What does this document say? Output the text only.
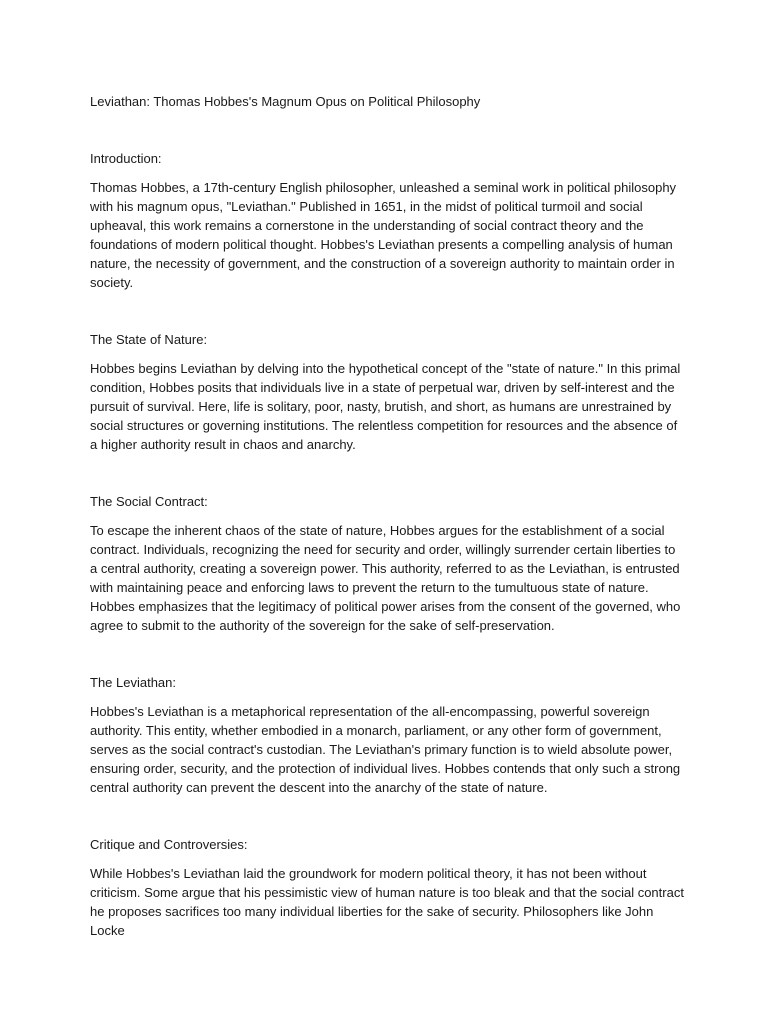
Leviathan: Thomas Hobbes's Magnum Opus on Political Philosophy

Introduction:

Thomas Hobbes, a 17th-century English philosopher, unleashed a seminal work in political philosophy with his magnum opus, "Leviathan." Published in 1651, in the midst of political turmoil and social upheaval, this work remains a cornerstone in the understanding of social contract theory and the foundations of modern political thought. Hobbes's Leviathan presents a compelling analysis of human nature, the necessity of government, and the construction of a sovereign authority to maintain order in society.

The State of Nature:

Hobbes begins Leviathan by delving into the hypothetical concept of the "state of nature." In this primal condition, Hobbes posits that individuals live in a state of perpetual war, driven by self-interest and the pursuit of survival. Here, life is solitary, poor, nasty, brutish, and short, as humans are unrestrained by social structures or governing institutions. The relentless competition for resources and the absence of a higher authority result in chaos and anarchy.

The Social Contract:

To escape the inherent chaos of the state of nature, Hobbes argues for the establishment of a social contract. Individuals, recognizing the need for security and order, willingly surrender certain liberties to a central authority, creating a sovereign power. This authority, referred to as the Leviathan, is entrusted with maintaining peace and enforcing laws to prevent the return to the tumultuous state of nature. Hobbes emphasizes that the legitimacy of political power arises from the consent of the governed, who agree to submit to the authority of the sovereign for the sake of self-preservation.

The Leviathan:

Hobbes's Leviathan is a metaphorical representation of the all-encompassing, powerful sovereign authority. This entity, whether embodied in a monarch, parliament, or any other form of government, serves as the social contract's custodian. The Leviathan's primary function is to wield absolute power, ensuring order, security, and the protection of individual lives. Hobbes contends that only such a strong central authority can prevent the descent into the anarchy of the state of nature.

Critique and Controversies:

While Hobbes's Leviathan laid the groundwork for modern political theory, it has not been without criticism. Some argue that his pessimistic view of human nature is too bleak and that the social contract he proposes sacrifices too many individual liberties for the sake of security. Philosophers like John Locke
